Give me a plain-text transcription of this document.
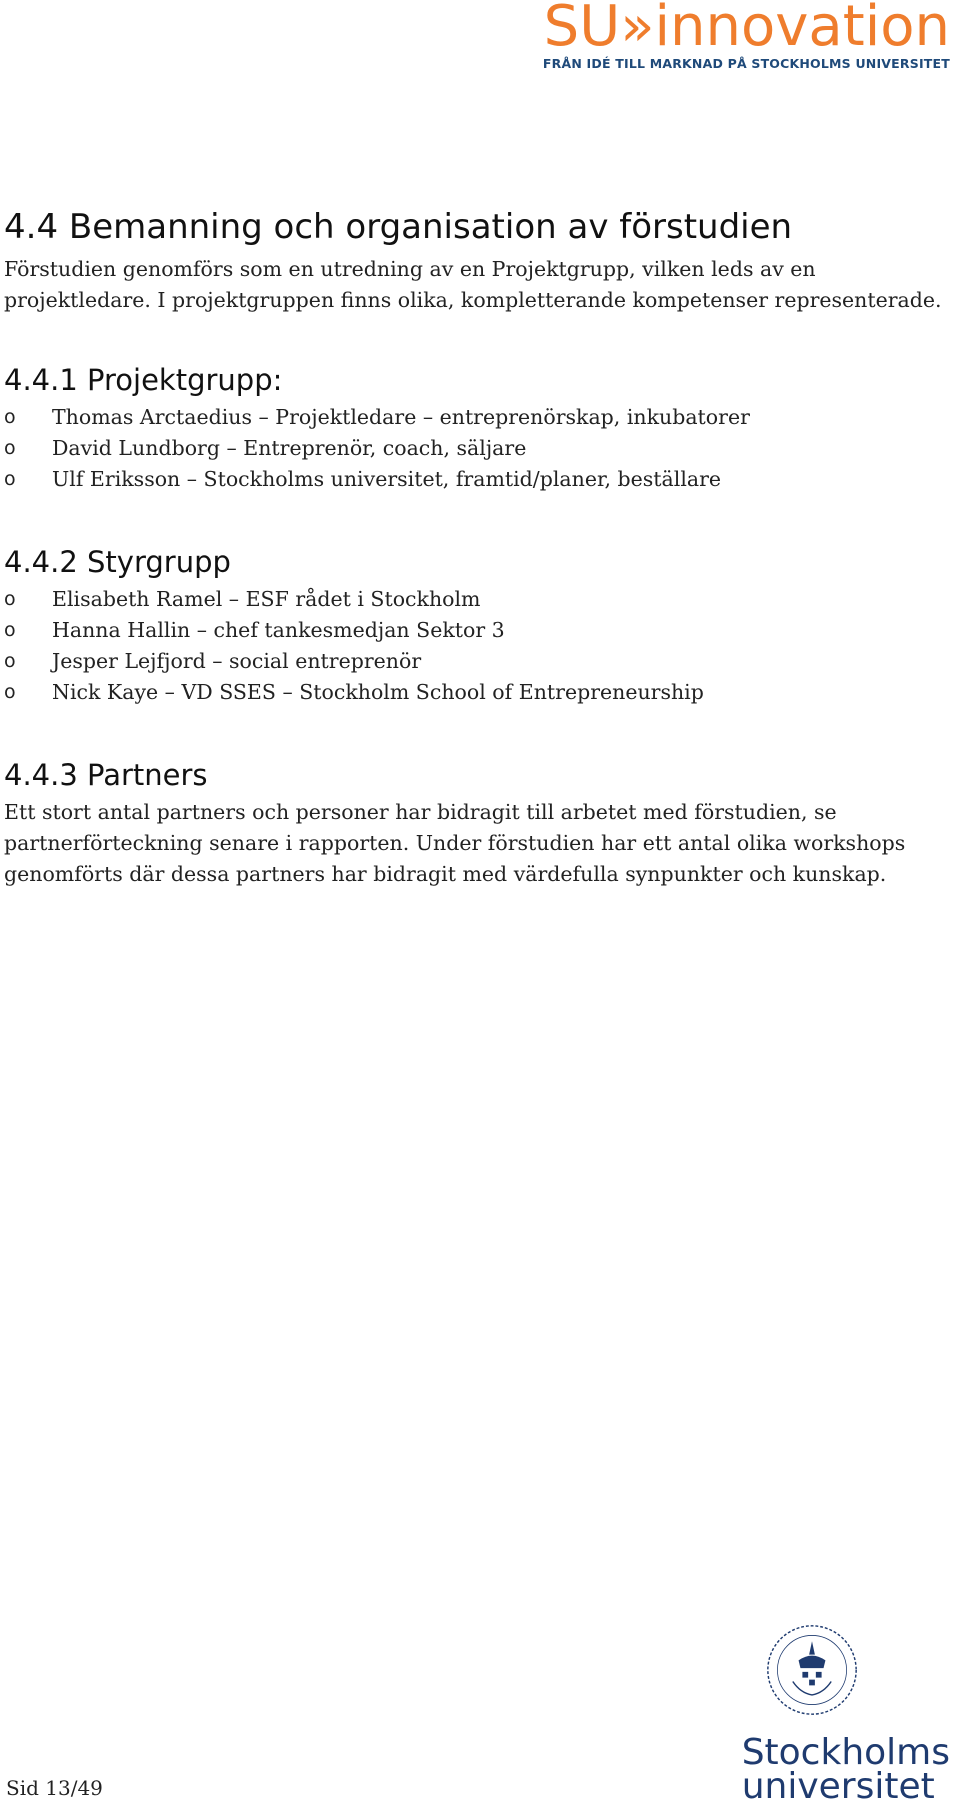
SU»innovation
FRÅN IDÉ TILL MARKNAD PÅ STOCKHOLMS UNIVERSITET
4.4 Bemanning och organisation av förstudien

Förstudien genomförs som en utredning av en Projektgrupp, vilken leds av en projektledare. I projektgruppen finns olika, kompletterande kompetenser representerade.

4.4.1 Projektgrupp:
o	Thomas Arctaedius – Projektledare – entreprenörskap, inkubatorer
o	David Lundborg – Entreprenör, coach, säljare
o	Ulf Eriksson – Stockholms universitet, framtid/planer, beställare
4.4.2 Styrgrupp
o	Elisabeth Ramel – ESF rådet i Stockholm
o	Hanna Hallin – chef tankesmedjan Sektor 3
o	Jesper Lejfjord – social entreprenör
o	Nick Kaye – VD SSES – Stockholm School of Entrepreneurship
4.4.3 Partners

Ett stort antal partners och personer har bidragit till arbetet med förstudien, se partnerförteckning senare i rapporten. Under förstudien har ett antal olika workshops genomförts där dessa partners har bidragit med värdefulla synpunkter och kunskap.

Sid 13/49
Stockholms
universitet
